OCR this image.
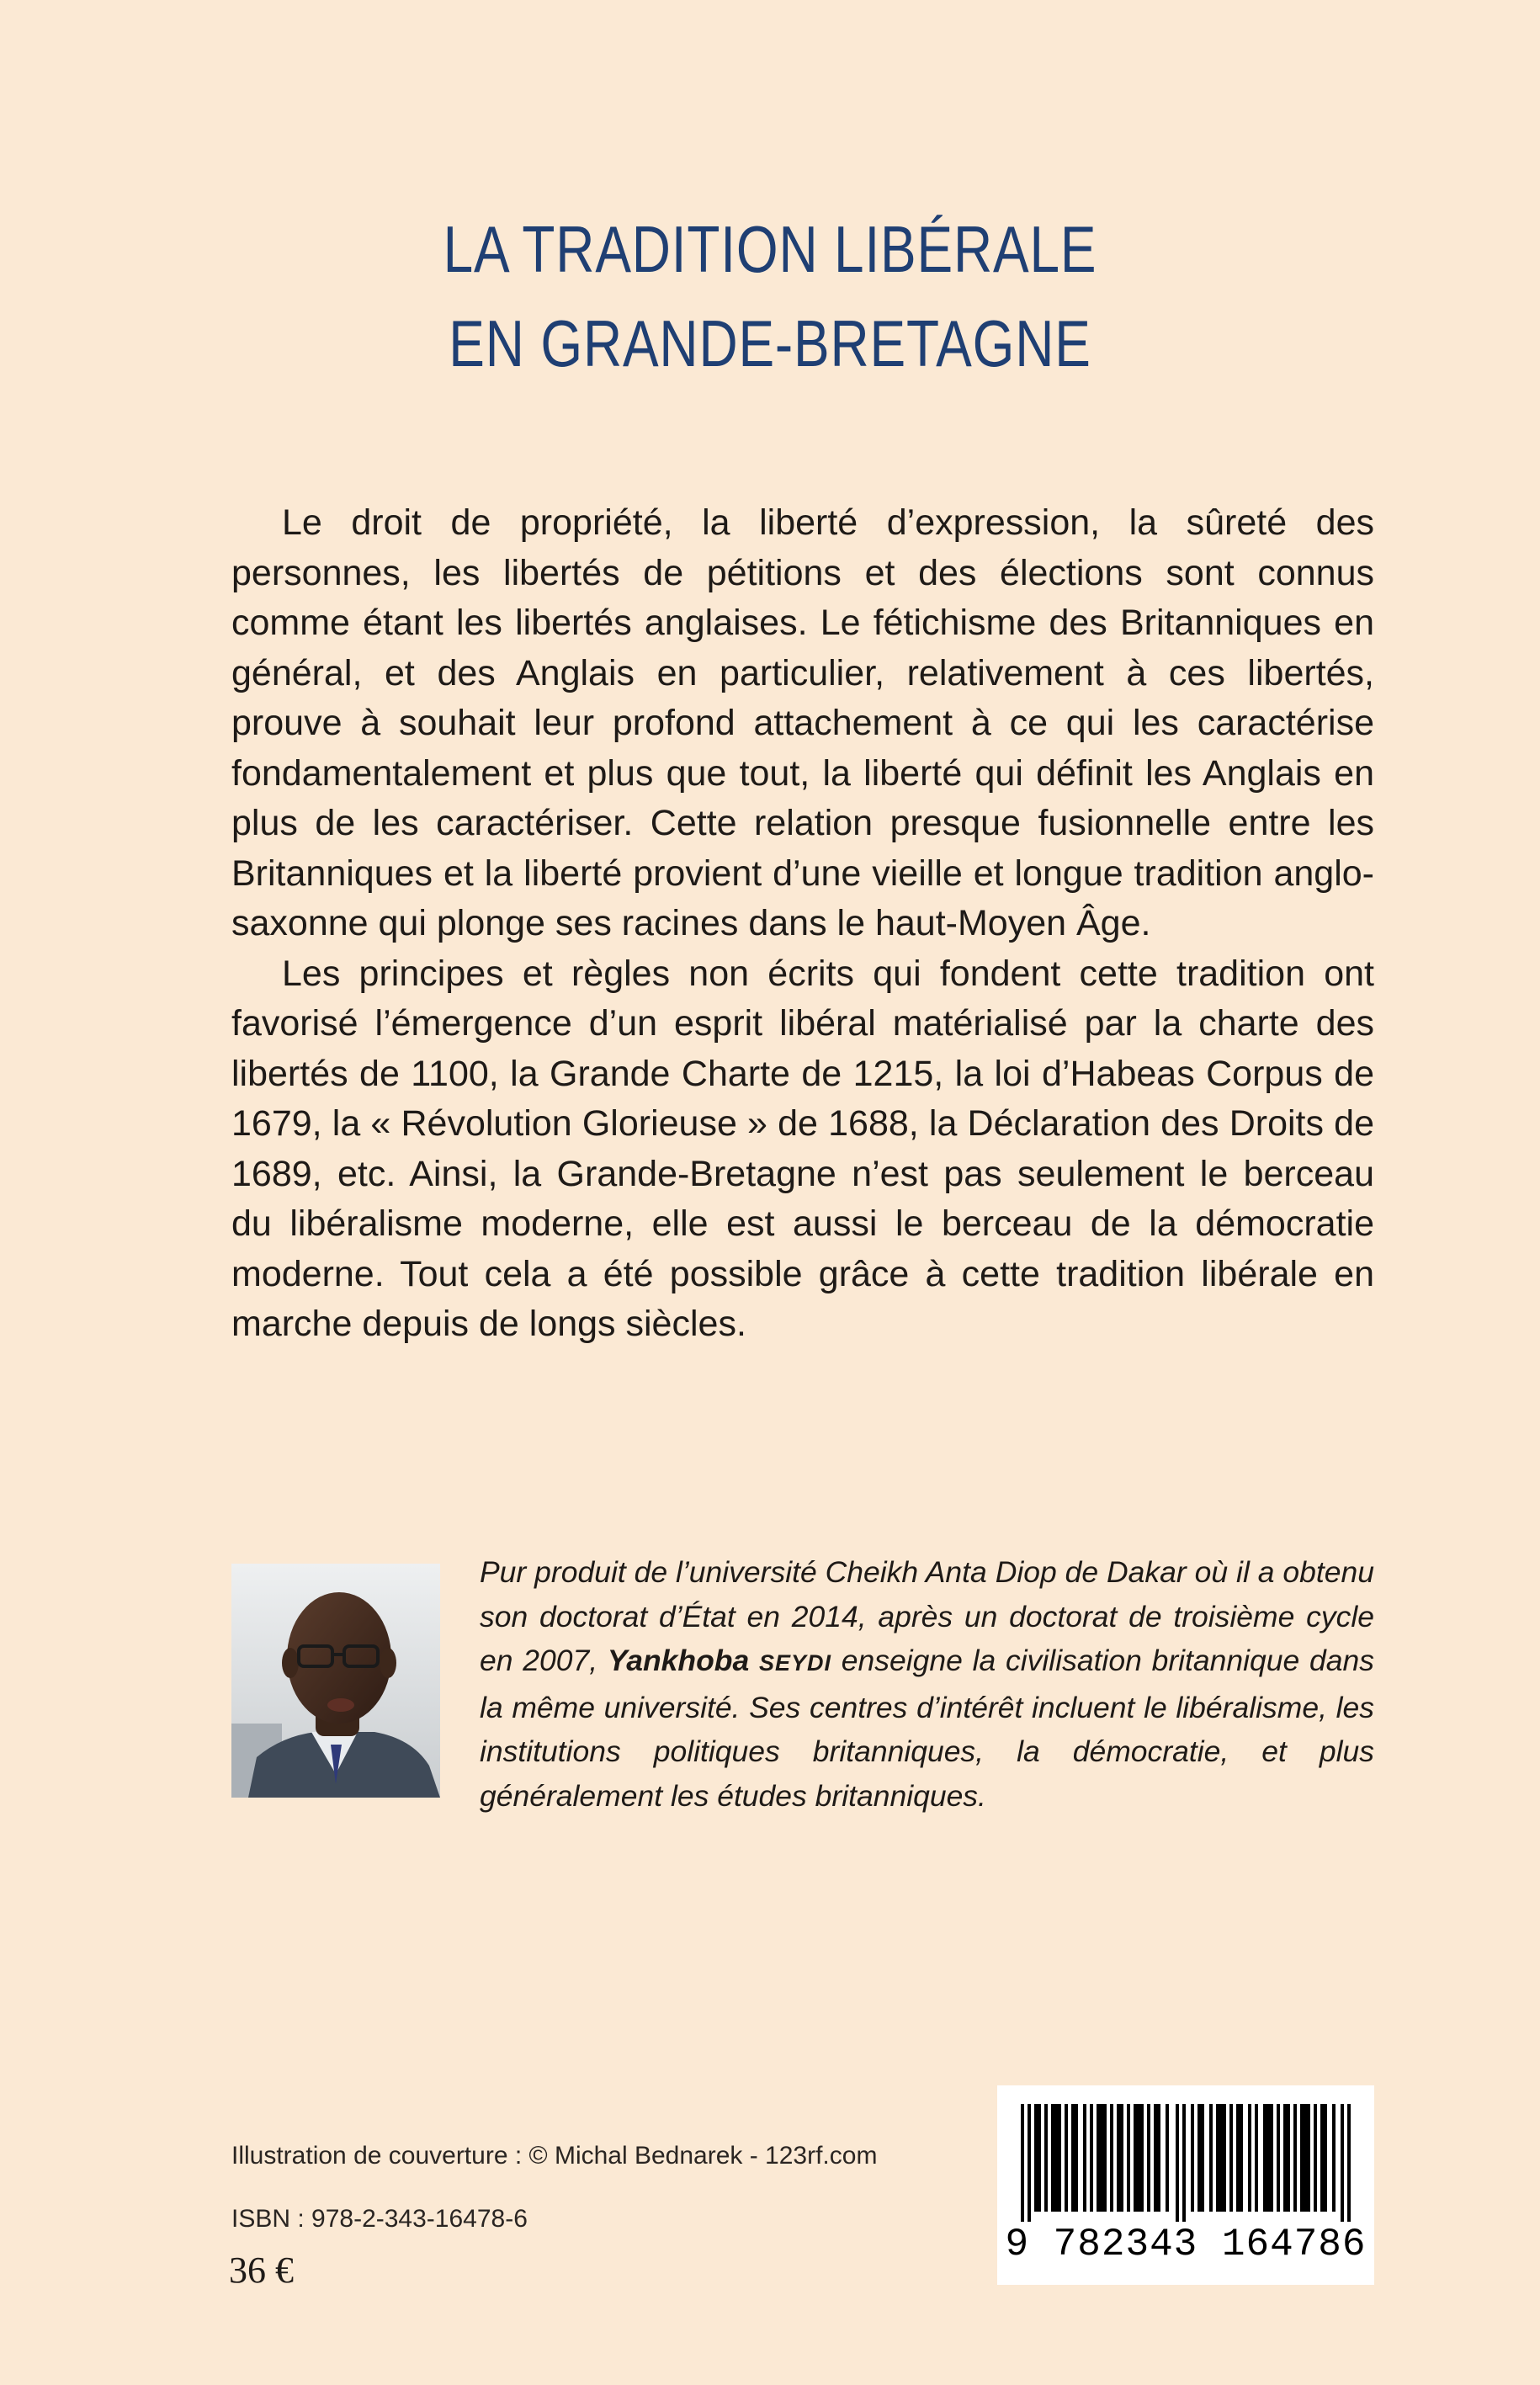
LA TRADITION LIBÉRALE
EN GRANDE-BRETAGNE

Le droit de propriété, la liberté d’expression, la sûreté des personnes, les libertés de pétitions et des élections sont connus comme étant les libertés anglaises. Le fétichisme des Britanniques en général, et des Anglais en particulier, relativement à ces libertés, prouve à souhait leur profond attachement à ce qui les caractérise fondamentalement et plus que tout, la liberté qui définit les Anglais en plus de les caractériser. Cette relation presque fusionnelle entre les Britanniques et la liberté provient d’une vieille et longue tradition anglo-saxonne qui plonge ses racines dans le haut-Moyen Âge.

Les principes et règles non écrits qui fondent cette tradition ont favorisé l’émergence d’un esprit libéral matérialisé par la charte des libertés de 1100, la Grande Charte de 1215, la loi d’Habeas Corpus de 1679, la « Révolution Glorieuse » de 1688, la Déclaration des Droits de 1689, etc. Ainsi, la Grande-Bretagne n’est pas seulement le berceau du libéralisme moderne, elle est aussi le berceau de la démocratie moderne. Tout cela a été possible grâce à cette tradition libérale en marche depuis de longs siècles.

Pur produit de l’université Cheikh Anta Diop de Dakar où il a obtenu son doctorat d’État en 2014, après un doctorat de troisième cycle en 2007, Yankhoba SEYDI enseigne la civilisation britannique dans la même université. Ses centres d’intérêt incluent le libéralisme, les institutions politiques britanniques, la démocratie, et plus généralement les études britanniques.
Illustration de couverture : © Michal Bednarek - 123rf.com
ISBN : 978-2-343-16478-6
36 €
9 782343 164786
